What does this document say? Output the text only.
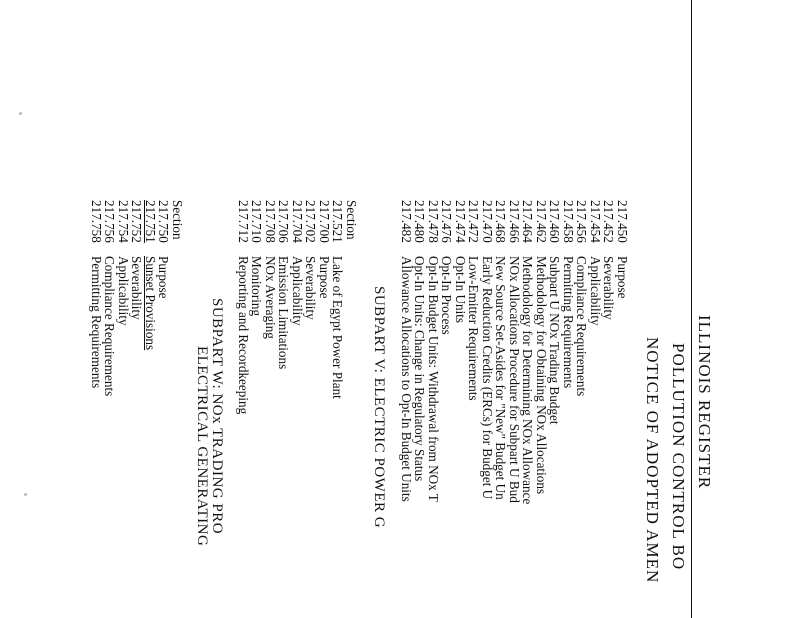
ILLINOIS REGISTER
POLLUTION CONTROL BO
NOTICE OF ADOPTED AMEN
217.450
Purpose
217.452
Severability
217.454
Applicability
217.456
Compliance Requirements
217.458
Permitting Requirements
217.460
Subpart U NOx Trading Budget
217.462
Methodology for Obtaining NOx Allocations
217.464
Methodology for Determining NOx Allowance
217.466
NOx Allocations Procedure for Subpart U Bud
217.468
New Source Set-Asides for "New" Budget Un
217.470
Early Reduction Credits (ERCs) for Budget U
217.472
Low-Emitter Requirements
217.474
Opt-In Units
217.476
Opt-In Process
217.478
Opt-In Budget Units: Withdrawal from NOx T
217.480
Opt-In Units: Change in Regulatory Status
217.482
Allowance Allocations to Opt-In Budget Units
SUBPART V: ELECTRIC POWER G
Section
217.521
Lake of Egypt Power Plant
217.700
Purpose
217.702
Severability
217.704
Applicability
217.706
Emission Limitations
217.708
NOx Averaging
217.710
Monitoring
217.712
Reporting and Recordkeeping
SUBPART W: NOx TRADING PRO
ELECTRICAL GENERATING
Section
217.750
Purpose
217.751
Sunset Provisions
217.752
Severability
217.754
Applicability
217.756
Compliance Requirements
217.758
Permitting Requirements
